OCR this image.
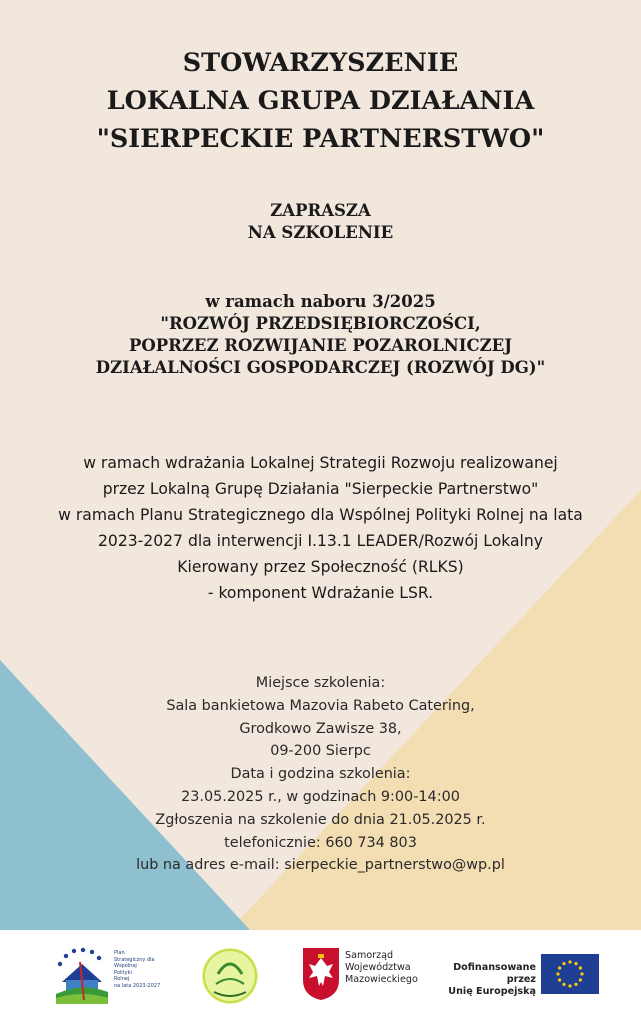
STOWARZYSZENIE
LOKALNA GRUPA DZIAŁANIA
"SIERPECKIE PARTNERSTWO"
ZAPRASZA
NA SZKOLENIE
w ramach naboru 3/2025
"ROZWÓJ PRZEDSIĘBIORCZOŚCI,
POPRZEZ ROZWIJANIE POZAROLNICZEJ
DZIAŁALNOŚCI GOSPODARCZEJ (ROZWÓJ DG)"
w ramach wdrażania Lokalnej Strategii Rozwoju realizowanej
przez Lokalną Grupę Działania "Sierpeckie Partnerstwo"
w ramach Planu Strategicznego dla Wspólnej Polityki Rolnej na lata
2023-2027 dla interwencji I.13.1 LEADER/Rozwój Lokalny
Kierowany przez Społeczność (RLKS)
- komponent Wdrażanie LSR.
Miejsce szkolenia:
Sala bankietowa Mazovia Rabeto Catering,
Grodkowo Zawisze 38,
09-200 Sierpc
Data i godzina szkolenia:
23.05.2025 r., w godzinach 9:00-14:00
Zgłoszenia na szkolenie do dnia 21.05.2025 r.
telefonicznie: 660 734 803
lub na adres e-mail: sierpeckie_partnerstwo@wp.pl
Plan
Strategiczny dla
Wspólnej
Polityki
Rolnej
na lata 2023-2027
Samorząd
Województwa
Mazowieckiego
Dofinansowane przez
Unię Europejską
